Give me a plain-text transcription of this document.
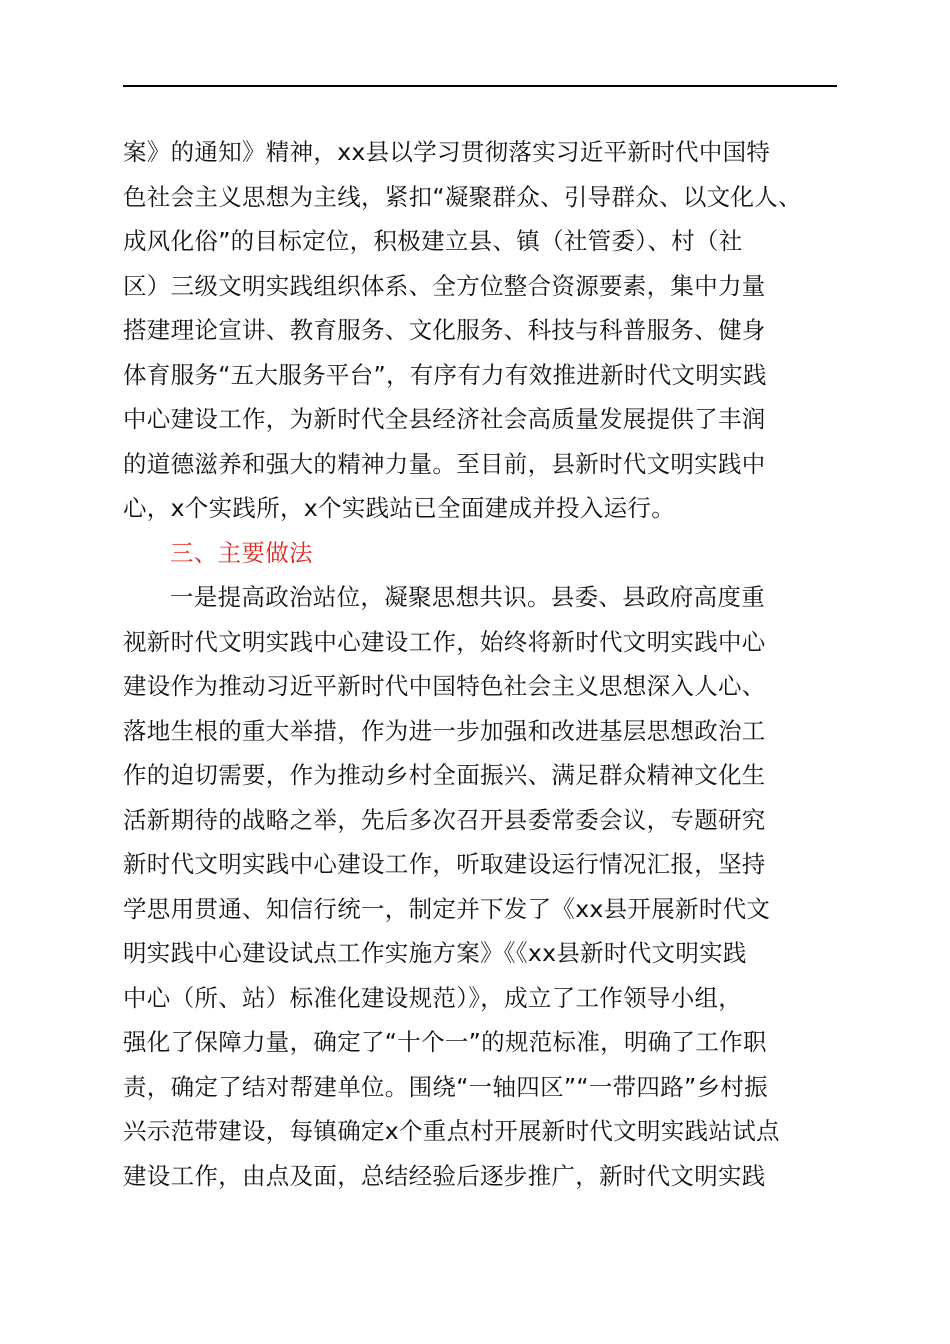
案》的通知》精神，xx县以学习贯彻落实习近平新时代中国特
色社会主义思想为主线，紧扣“凝聚群众、引导群众、以文化人、
成风化俗”的目标定位，积极建立县、镇（社管委）、村（社
区）三级文明实践组织体系、全方位整合资源要素，集中力量
搭建理论宣讲、教育服务、文化服务、科技与科普服务、健身
体育服务“五大服务平台”，有序有力有效推进新时代文明实践
中心建设工作，为新时代全县经济社会高质量发展提供了丰润
的道德滋养和强大的精神力量。至目前，县新时代文明实践中
心，x个实践所，x个实践站已全面建成并投入运行。
三、主要做法
一是提高政治站位，凝聚思想共识。县委、县政府高度重
视新时代文明实践中心建设工作，始终将新时代文明实践中心
建设作为推动习近平新时代中国特色社会主义思想深入人心、
落地生根的重大举措，作为进一步加强和改进基层思想政治工
作的迫切需要，作为推动乡村全面振兴、满足群众精神文化生
活新期待的战略之举，先后多次召开县委常委会议，专题研究
新时代文明实践中心建设工作，听取建设运行情况汇报，坚持
学思用贯通、知信行统一，制定并下发了《xx县开展新时代文
明实践中心建设试点工作实施方案》《《xx县新时代文明实践
中心（所、站）标准化建设规范）》，成立了工作领导小组，
强化了保障力量，确定了“十个一”的规范标准，明确了工作职
责，确定了结对帮建单位。围绕“一轴四区”“一带四路”乡村振
兴示范带建设，每镇确定x个重点村开展新时代文明实践站试点
建设工作，由点及面，总结经验后逐步推广，新时代文明实践
